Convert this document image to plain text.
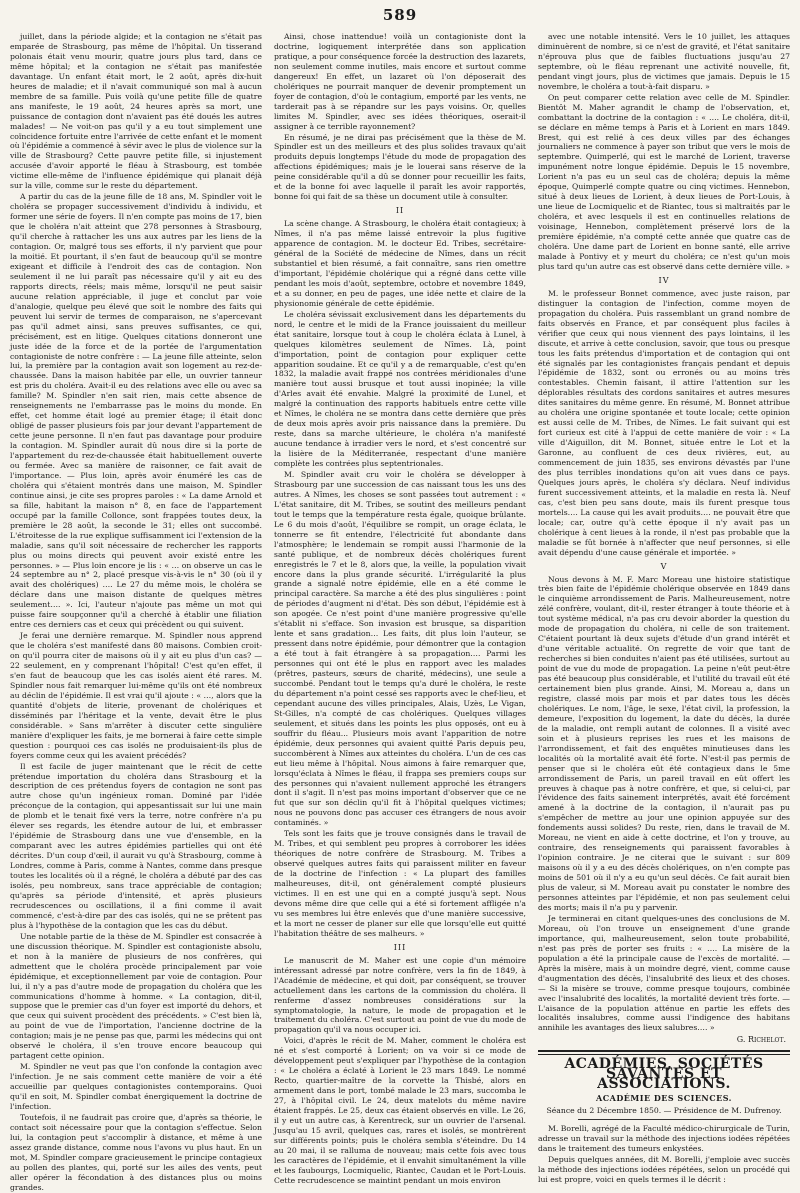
589

juillet, dans la période algide; et la contagion ne s'était pas emparée de Strasbourg, pas même de l'hôpital. Un tisserand polonais était venu mourir, quatre jours plus tard, dans ce même hôpital; et la contagion ne s'était pas manifestée davantage. Un enfant était mort, le 2 août, après dix-huit heures de maladie; et il n'avait communiqué son mal à aucun membre de sa famille. Puis voilà qu'une petite fille de quatre ans manifeste, le 19 août, 24 heures après sa mort, une puissance de contagion dont n'avaient pas été doués les autres malades! — Ne voit-on pas qu'il y a eu tout simplement une coïncidence fortuite entre l'arrivée de cette enfant et le moment où l'épidémie a commencé à sévir avec le plus de violence sur la ville de Strasbourg? Cette pauvre petite fille, si injustement accusée d'avoir apporté le fléau à Strasbourg, est tombée victime elle-même de l'influence épidémique qui planait déjà sur la ville, comme sur le reste du département.

A partir du cas de la jeune fille de 18 ans, M. Spindler voit le choléra se propager successivement d'individu à individu, et former une série de foyers. Il n'en compte pas moins de 17, bien que le choléra n'ait atteint que 278 personnes à Strasbourg, qu'il cherche à rattacher les uns aux autres par les liens de la contagion. Or, malgré tous ses efforts, il n'y parvient que pour la moitié. Et pourtant, il s'en faut de beaucoup qu'il se montre exigeant et difficile à l'endroit des cas de contagion. Non seulement il ne lui paraît pas nécessaire qu'il y ait eu des rapports directs, réels; mais même, lorsqu'il ne peut saisir aucune relation appréciable, il juge et conclut par voie d'analogie, quelque peu élevé que soit le nombre des faits qui peuvent lui servir de termes de comparaison, ne s'apercevant pas qu'il admet ainsi, sans preuves suffisantes, ce qui, précisément, est en litige. Quelques citations donneront une juste idée de la force et de la portée de l'argumentation contagioniste de notre confrère : — La jeune fille atteinte, selon lui, la première par la contagion avait son logement au rez-de-chaussée. Dans la maison habitée par elle, un ouvrier tanneur est pris du choléra. Avait-il eu des relations avec elle ou avec sa famille? M. Spindler n'en sait rien, mais cette absence de renseignements ne l'embarrasse pas le moins du monde. En effet, cet homme était logé au premier étage; il était donc obligé de passer plusieurs fois par jour devant l'appartement de cette jeune personne. Il n'en faut pas davantage pour produire la contagion. M. Spindler aurait dû nous dire si la porte de l'appartement du rez-de-chaussée était habituellement ouverte ou fermée. Avec sa manière de raisonner, ce fait avait de l'importance. — Plus loin, après avoir énuméré les cas de choléra qui s'étaient montrés dans une maison, M. Spindler continue ainsi, je cite ses propres paroles : « La dame Arnold et sa fille, habitant la maison n° 8, en face de l'appartement occupé par la famille Collonce, sont frappées toutes deux, la première le 28 août, la seconde le 31; elles ont succombé. L'étroitesse de la rue explique suffisamment ici l'extension de la maladie, sans qu'il soit nécessaire de rechercher les rapports plus ou moins directs qui peuvent avoir existé entre les personnes. » — Plus loin encore je lis : « … on observe un cas le 24 septembre au n° 2, placé presque vis-à-vis le n° 30 (où il y avait des cholériques) …. Le 27 du même mois, le choléra se déclare dans une maison distante de quelques mètres seulement…. ». Ici, l'auteur n'ajoute pas même un mot qui puisse faire soupçonner qu'il a cherché à établir une filiation entre ces derniers cas et ceux qui précèdent ou qui suivent.

Je ferai une dernière remarque. M. Spindler nous apprend que le choléra s'est manifesté dans 80 maisons. Combien croit-on qu'il pourra citer de maisons où il y ait eu plus d'un cas? — 22 seulement, en y comprenant l'hôpital! C'est qu'en effet, il s'en faut de beaucoup que les cas isolés aient été rares. M. Spindler nous fait remarquer lui-même qu'ils ont été nombreux au déclin de l'épidémie. Il est vrai qu'il ajoute : « …, alors que la quantité d'objets de literie, provenant de cholériques et disséminés par l'héritage et la vente, devait être le plus considérable. » Sans m'arrêter à discuter cette singulière manière d'expliquer les faits, je me bornerai à faire cette simple question : pourquoi ces cas isolés ne produisaient-ils plus de foyers comme ceux qui les avaient précédés?

Il est facile de juger maintenant que le récit de cette prétendue importation du choléra dans Strasbourg et la description de ces prétendus foyers de contagion ne sont pas autre chose qu'un ingénieux roman. Dominé par l'idée préconçue de la contagion, qui appesantissait sur lui une main de plomb et le tenait fixé vers la terre, notre confrère n'a pu élever ses regards, les étendre autour de lui, et embrasser l'épidémie de Strasbourg dans une vue d'ensemble, en la comparant avec les autres épidémies partielles qui ont été décrites. D'un coup d'œil, il aurait vu qu'à Strasbourg, comme à Londres, comme à Paris, comme à Nantes, comme dans presque toutes les localités où il a régné, le choléra a débuté par des cas isolés, peu nombreux, sans trace appréciable de contagion; qu'après sa période d'intensité, et après plusieurs recrudescences ou oscillations, il a fini comme il avait commencé, c'est-à-dire par des cas isolés, qui ne se prêtent pas plus à l'hypothèse de la contagion que les cas du début.

Une notable partie de la thèse de M. Spindler est consacrée à une discussion théorique. M. Spindler est contagioniste absolu, et non à la manière de plusieurs de nos confrères, qui admettent que le choléra procède principalement par voie épidémique, et exceptionnellement par voie de contagion. Pour lui, il n'y a pas d'autre mode de propagation du choléra que les communications d'homme à homme. « La contagion, dit-il, suppose que le premier cas d'un foyer est importé du dehors, et que ceux qui suivent procèdent des précédents. » C'est bien là, au point de vue de l'importation, l'ancienne doctrine de la contagion; mais je ne pense pas que, parmi les médecins qui ont observé le choléra, il s'en trouve encore beaucoup qui partagent cette opinion.

M. Spindler ne veut pas que l'on confonde la contagion avec l'infection. Je ne sais comment cette manière de voir a été accueillie par quelques contagionistes contemporains. Quoi qu'il en soit, M. Spindler combat énergiquement la doctrine de l'infection.

Toutefois, il ne faudrait pas croire que, d'après sa théorie, le contact soit nécessaire pour que la contagion s'effectue. Selon lui, la contagion peut s'accomplir à distance, et même à une assez grande distance, comme nous l'avons vu plus haut. En un mot, M. Spindler compare gracieusement le principe contagieux au pollen des plantes, qui, porté sur les ailes des vents, peut aller opérer la fécondation à des distances plus ou moins grandes.

Ainsi, chose inattendue! voilà un contagioniste dont la doctrine, logiquement interprétée dans son application pratique, a pour conséquence forcée la destruction des lazarets, non seulement comme inutiles, mais encore et surtout comme dangereux! En effet, un lazaret où l'on déposerait des cholériques ne pourrait manquer de devenir promptement un foyer de contagion, d'où le contagium, emporté par les vents, ne tarderait pas à se répandre sur les pays voisins. Or, quelles limites M. Spindler, avec ses idées théoriques, oserait-il assigner à ce terrible rayonnement?

En résumé, je ne dirai pas précisément que la thèse de M. Spindler est un des meilleurs et des plus solides travaux qu'ait produits depuis longtemps l'étude du mode de propagation des affections épidémiques; mais je le louerai sans réserve de la peine considérable qu'il a dû se donner pour recueillir les faits, et de la bonne foi avec laquelle il paraît les avoir rapportés, bonne foi qui fait de sa thèse un document utile à consulter.

II

La scène change. A Strasbourg, le choléra était contagieux; à Nîmes, il n'a pas même laissé entrevoir la plus fugitive apparence de contagion. M. le docteur Ed. Tribes, secrétaire-général de la Société de médecine de Nîmes, dans un récit substantiel et bien résumé, a fait connaître, sans rien omettre d'important, l'épidémie cholérique qui a régné dans cette ville pendant les mois d'août, septembre, octobre et novembre 1849, et a su donner, en peu de pages, une idée nette et claire de la physionomie générale de cette épidémie.

Le choléra sévissait exclusivement dans les départements du nord, le centre et le midi de la France jouissaient du meilleur état sanitaire, lorsque tout à coup le choléra éclata à Lunel, à quelques kilomètres seulement de Nîmes. Là, point d'importation, point de contagion pour expliquer cette apparition soudaine. Et ce qu'il y a de remarquable, c'est qu'en 1832, la maladie avait frappé nos contrées méridionales d'une manière tout aussi brusque et tout aussi inopinée; la ville d'Arles avait été envahie. Malgré la proximité de Lunel, et malgré la continuation des rapports habituels entre cette ville et Nîmes, le choléra ne se montra dans cette dernière que près de deux mois après avoir pris naissance dans la première. Du reste, dans sa marche ultérieure, le choléra n'a manifesté aucune tendance à irradier vers le nord, et s'est concentré sur la lisière de la Méditerranée, respectant d'une manière complète les contrées plus septentrionales.

M. Spindler avait cru voir le choléra se développer à Strasbourg par une succession de cas naissant tous les uns des autres. A Nîmes, les choses se sont passées tout autrement : « L'état sanitaire, dit M. Tribes, se soutint des meilleurs pendant tout le temps que la température resta égale, quoique brûlante. Le 6 du mois d'août, l'équilibre se rompit, un orage éclata, le tonnerre se fit entendre, l'électricité fut abondante dans l'atmosphère; le lendemain se rompit aussi l'harmonie de la santé publique, et de nombreux décès cholériques furent enregistrés le 7 et le 8, alors que, la veille, la population vivait encore dans la plus grande sécurité. L'irrégularité la plus grande a signalé notre épidémie, elle en a été comme le principal caractère. Sa marche a été des plus singulières : point de périodes d'augment ni d'état. Dès son début, l'épidémie est à son apogée. Ce n'est point d'une manière progressive qu'elle s'établit ni s'efface. Son invasion est brusque, sa disparition lente et sans gradation… Les faits, dit plus loin l'auteur, se pressent dans notre épidémie, pour démontrer que la contagion a été tout à fait étrangère à sa propagation…. Parmi les personnes qui ont été le plus en rapport avec les malades (prêtres, pasteurs, sœurs de charité, médecins), une seule a succombé. Pendant tout le temps qu'a duré le choléra, le reste du département n'a point cessé ses rapports avec le chef-lieu, et cependant aucune des villes principales, Alais, Uzès, Le Vigan, St-Gilles, n'a compté de cas cholériques. Quelques villages seulement, et situés dans les points les plus opposés, ont eu à souffrir du fléau... Plusieurs mois avant l'apparition de notre épidémie, deux personnes qui avaient quitté Paris depuis peu, succombèrent à Nîmes aux atteintes du choléra. L'un de ces cas eut lieu même à l'hôpital. Nous aimons à faire remarquer que, lorsqu'éclata à Nîmes le fléau, il frappa ses premiers coups sur des personnes qui n'avaient nullement approché les étrangers dont il s'agit. Il n'est pas moins important d'observer que ce ne fut que sur son déclin qu'il fit à l'hôpital quelques victimes; nous ne pouvons donc pas accuser ces étrangers de nous avoir contaminés. »

Tels sont les faits que je trouve consignés dans le travail de M. Tribes, et qui semblent peu propres à corroborer les idées théoriques de notre confrère de Strasbourg. M. Tribes a observé quelques autres faits qui paraissent militer en faveur de la doctrine de l'infection : « La plupart des familles malheureuses, dit-il, ont généralement compté plusieurs victimes. Il en est une qui en a compté jusqu'à sept. Nous devons même dire que celle qui a été si fortement affligée n'a vu ses membres lui être enlevés que d'une manière successive, et la mort ne cesser de planer sur elle que lorsqu'elle eut quitté l'habitation théâtre de ses malheurs. »

III

Le manuscrit de M. Maher est une copie d'un mémoire intéressant adressé par notre confrère, vers la fin de 1849, à l'Académie de médecine, et qui doit, par conséquent, se trouver actuellement dans les cartons de la commission du choléra. Il renferme d'assez nombreuses considérations sur la symptomatologie, la nature, le mode de propagation et le traitement du choléra. C'est surtout au point de vue du mode de propagation qu'il va nous occuper ici.

Voici, d'après le récit de M. Maher, comment le choléra est né et s'est comporté à Lorient; on va voir si ce mode de développement peut s'expliquer par l'hypothèse de la contagion : « Le choléra a éclaté à Lorient le 23 mars 1849. Le nommé Recto, quartier-maître de la corvette la Thisbé, alors en armement dans le port, tombé malade le 23 mars, succomba le 27, à l'hôpital civil. Le 24, deux matelots du même navire étaient frappés. Le 25, deux cas étaient observés en ville. Le 26, il y eut un autre cas, à Kerentreck, sur un ouvrier de l'arsenal. Jusqu'au 15 avril, quelques cas, rares et isolés, se montrèrent sur différents points; puis le choléra sembla s'éteindre. Du 14 au 20 mai, il se ralluma de nouveau; mais cette fois avec tous les caractères de l'épidémie, et il envahit simultanément la ville et les faubourgs, Locmiquelic, Riantec, Caudan et le Port-Louis. Cette recrudescence se maintint pendant un mois environ

avec une notable intensité. Vers le 10 juillet, les attaques diminuèrent de nombre, si ce n'est de gravité, et l'état sanitaire n'éprouva plus que de faibles fluctuations jusqu'au 27 septembre, où le fléau reprenant une activité nouvelle, fit, pendant vingt jours, plus de victimes que jamais. Depuis le 15 novembre, le choléra a tout-à-fait disparu. »

On peut comparer cette relation avec celle de M. Spindler. Bientôt M. Maher agrandit le champ de l'observation, et, combattant la doctrine de la contagion : « …. Le choléra, dit-il, se déclare en même temps à Paris et à Lorient en mars 1849. Brest, qui est relié à ces deux villes par des échanges journaliers ne commence à payer son tribut que vers le mois de septembre. Quimperlé, qui est le marché de Lorient, traverse impunément notre longue épidémie. Depuis le 15 novembre, Lorient n'a pas eu un seul cas de choléra; depuis la même époque, Quimperlé compte quatre ou cinq victimes. Hennebon, situé à deux lieues de Lorient, à deux lieues de Port-Louis, à une lieue de Locmiquelic et de Riantec, tous si maltraités par le choléra, et avec lesquels il est en continuelles relations de voisinage, Hennebon, complètement préservé lors de la première épidémie, n'a compté cette année que quatre cas de choléra. Une dame part de Lorient en bonne santé, elle arrive malade à Pontivy et y meurt du choléra; ce n'est qu'un mois plus tard qu'un autre cas est observé dans cette dernière ville. »

IV

M. le professeur Bonnet commence, avec juste raison, par distinguer la contagion de l'infection, comme moyen de propagation du choléra. Puis rassemblant un grand nombre de faits observés en France, et par conséquent plus faciles à vérifier que ceux qui nous viennent des pays lointains, il les discute, et arrive à cette conclusion, savoir, que tous ou presque tous les faits prétendus d'importation et de contagion qui ont été signalés par les contagionistes français pendant et depuis l'épidémie de 1832, sont ou erronés ou au moins très contestables. Chemin faisant, il attire l'attention sur les déplorables résultats des cordons sanitaires et autres mesures dites sanitaires du même genre. En résumé, M. Bonnet attribue au choléra une origine spontanée et toute locale; cette opinion est aussi celle de M. Tribes, de Nîmes. Le fait suivant qui est fort curieux est cité à l'appui de cette manière de voir : « La ville d'Aiguillon, dit M. Bonnet, située entre le Lot et la Garonne, au confluent de ces deux rivières, eut, au commencement de juin 1835, ses environs dévastés par l'une des plus terribles inondations qu'on ait vues dans ce pays. Quelques jours après, le choléra s'y déclara. Neuf individus furent successivement atteints, et la maladie en resta là. Neuf cas, c'est bien peu sans doute, mais ils furent presque tous mortels…. La cause qui les avait produits…. ne pouvait être que locale; car, outre qu'à cette époque il n'y avait pas un cholérique à cent lieues à la ronde, il n'est pas probable que la maladie se fût bornée à n'affecter que neuf personnes, si elle avait dépendu d'une cause générale et importée. »

V

Nous devons à M. F. Marc Moreau une histoire statistique très bien faite de l'épidémie cholérique observée en 1849 dans le cinquième arrondissement de Paris. Malheureusement, notre zélé confrère, voulant, dit-il, rester étranger à toute théorie et à tout système médical, n'a pas cru devoir aborder la question du mode de propagation du choléra, ni celle de son traitement. C'étaient pourtant là deux sujets d'étude d'un grand intérêt et d'une véritable actualité. On regrette de voir que tant de recherches si bien conduites n'aient pas été utilisées, surtout au point de vue du mode de propagation. La peine n'eût peut-être pas été beaucoup plus considérable, et l'utilité du travail eût été certainement bien plus grande. Ainsi, M. Moreau a, dans un registre, classé mois par mois et par dates tous les décès cholériques. Le nom, l'âge, le sexe, l'état civil, la profession, la demeure, l'exposition du logement, la date du décès, la durée de la maladie, ont rempli autant de colonnes. Il a visité avec soin et à plusieurs reprises les rues et les maisons de l'arrondissement, et fait des enquêtes minutieuses dans les localités où la mortalité avait été forte. N'est-il pas permis de penser que si le choléra eût été contagieux dans le 5me arrondissement de Paris, un pareil travail en eût offert les preuves à chaque pas à notre confrère, et que, si celui-ci, par l'évidence des faits sainement interprétés, avait été forcément amené à la doctrine de la contagion, il n'aurait pas pu s'empêcher de mettre au jour une opinion appuyée sur des fondements aussi solides? Du reste, rien, dans le travail de M. Moreau, ne vient en aide à cette doctrine, et l'on y trouve, au contraire, des renseignements qui paraissent favorables à l'opinion contraire. Je ne citerai que le suivant : sur 809 maisons où il y a eu des décès cholériques, on n'en compte pas moins de 501 où il n'y a eu qu'un seul décès. Ce fait aurait bien plus de valeur, si M. Moreau avait pu constater le nombre des personnes atteintes par l'épidémie, et non pas seulement celui des morts; mais il n'a pu y parvenir.

Je terminerai en citant quelques-unes des conclusions de M. Moreau, où l'on trouve un enseignement d'une grande importance, qui, malheureusement, selon toute probabilité, n'est pas près de porter ses fruits : « …. La misère de la population a été la principale cause de l'excès de mortalité. — Après la misère, mais à un moindre degré, vient, comme cause d'augmentation des décès, l'insalubrité des lieux et des choses. — Si la misère se trouve, comme presque toujours, combinée avec l'insalubrité des localités, la mortalité devient très forte. — L'aisance de la population atténue en partie les effets des localités insalubres, comme aussi l'indigence des habitans annihile les avantages des lieux salubres…. »

G. Richelot.
ACADÉMIES, SOCIÉTÉS SAVANTES ET ASSOCIATIONS.
ACADÉMIE DES SCIENCES.
Séance du 2 Décembre 1850. — Présidence de M. Dufrenoy.

M. Borelli, agrégé de la Faculté médico-chirurgicale de Turin, adresse un travail sur la méthode des injections iodées répétées dans le traitement des tumeurs enkystées.

Depuis quelques années, dit M. Borelli, j'emploie avec succès la méthode des injections iodées répétées, selon un procédé qui lui est propre, voici en quels termes il le décrit :
